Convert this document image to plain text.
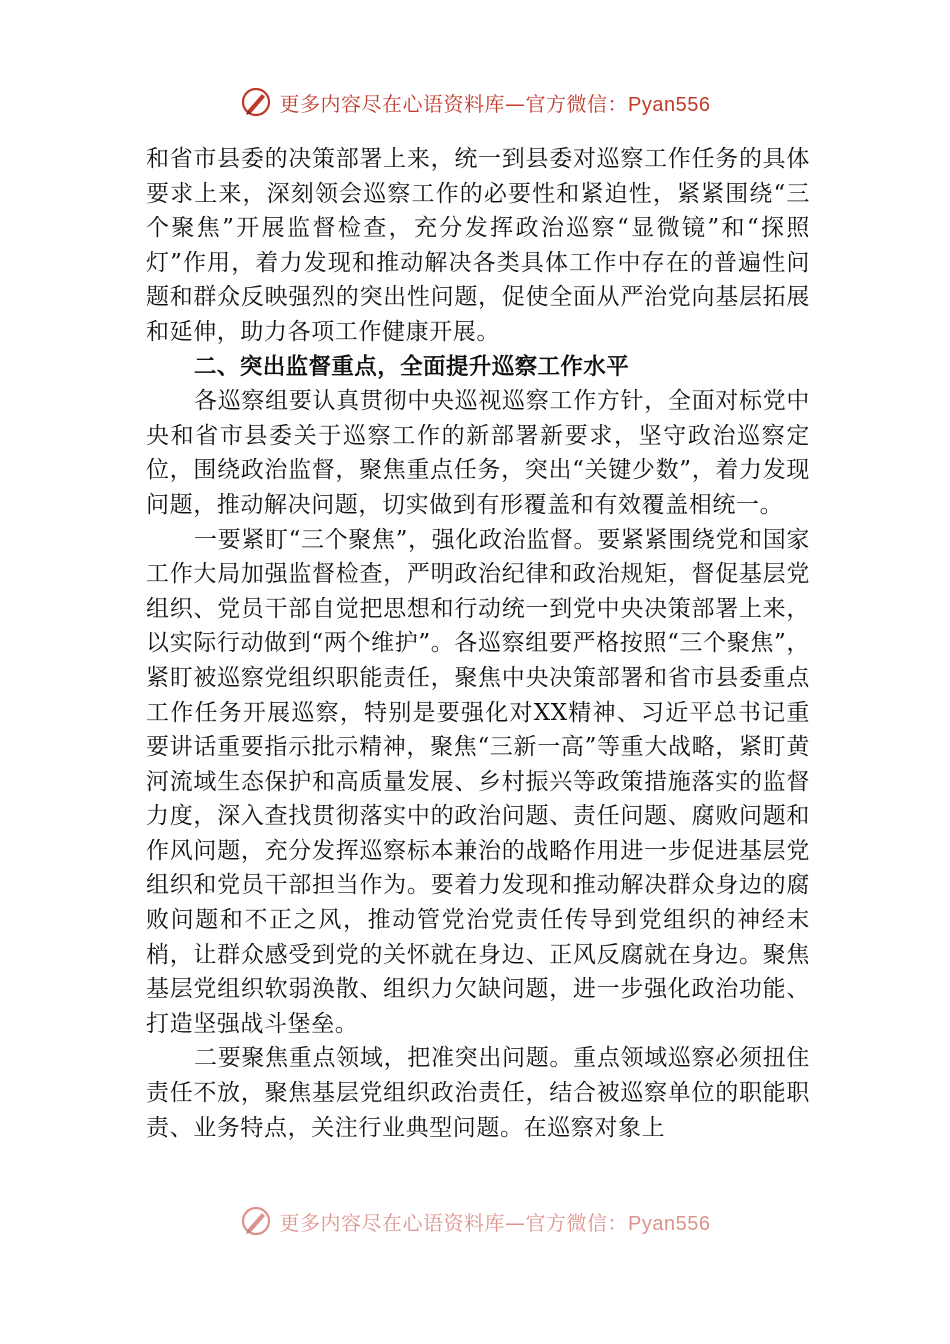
更多内容尽在心语资料库—官方微信：Pyan556

和省市县委的决策部署上来，统一到县委对巡察工作任务的具体要求上来，深刻领会巡察工作的必要性和紧迫性，紧紧围绕“三个聚焦”开展监督检查，充分发挥政治巡察“显微镜”和“探照灯”作用，着力发现和推动解决各类具体工作中存在的普遍性问题和群众反映强烈的突出性问题，促使全面从严治党向基层拓展和延伸，助力各项工作健康开展。

二、突出监督重点，全面提升巡察工作水平

各巡察组要认真贯彻中央巡视巡察工作方针，全面对标党中央和省市县委关于巡察工作的新部署新要求，坚守政治巡察定位，围绕政治监督，聚焦重点任务，突出“关键少数”，着力发现问题，推动解决问题，切实做到有形覆盖和有效覆盖相统一。

一要紧盯“三个聚焦”，强化政治监督。要紧紧围绕党和国家工作大局加强监督检查，严明政治纪律和政治规矩，督促基层党组织、党员干部自觉把思想和行动统一到党中央决策部署上来，以实际行动做到“两个维护”。各巡察组要严格按照“三个聚焦”，紧盯被巡察党组织职能责任，聚焦中央决策部署和省市县委重点工作任务开展巡察，特别是要强化对XX精神、习近平总书记重要讲话重要指示批示精神，聚焦“三新一高”等重大战略，紧盯黄河流域生态保护和高质量发展、乡村振兴等政策措施落实的监督力度，深入查找贯彻落实中的政治问题、责任问题、腐败问题和作风问题，充分发挥巡察标本兼治的战略作用进一步促进基层党组织和党员干部担当作为。要着力发现和推动解决群众身边的腐败问题和不正之风，推动管党治党责任传导到党组织的神经末梢，让群众感受到党的关怀就在身边、正风反腐就在身边。聚焦基层党组织软弱涣散、组织力欠缺问题，进一步强化政治功能、打造坚强战斗堡垒。

二要聚焦重点领域，把准突出问题。重点领域巡察必须扭住责任不放，聚焦基层党组织政治责任，结合被巡察单位的职能职责、业务特点，关注行业典型问题。在巡察对象上

更多内容尽在心语资料库—官方微信：Pyan556
